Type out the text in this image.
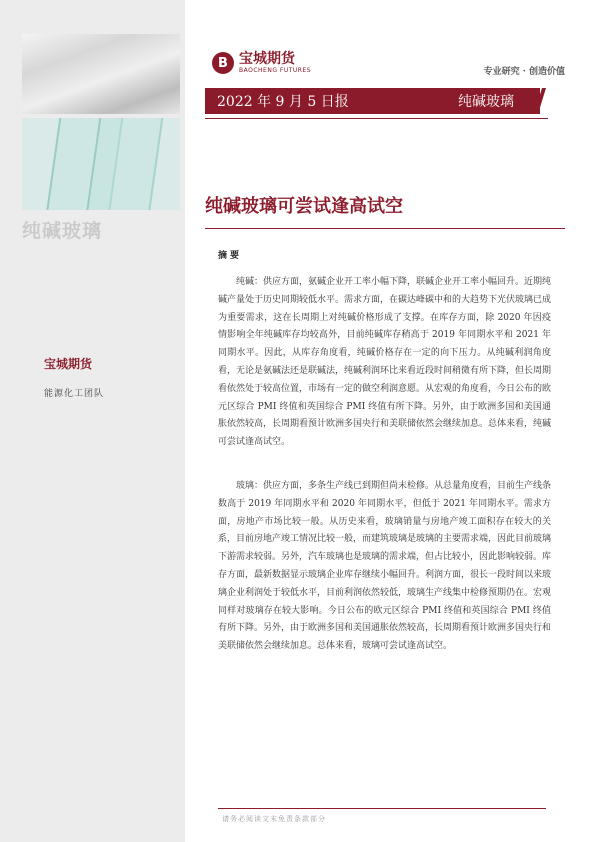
纯碱玻璃
宝城期货
能源化工团队
B 宝城期货
BAOCHENG FUTURES	专业研究 · 创造价值
2022 年 9 月 5 日报	纯碱玻璃
纯碱玻璃可尝试逢高试空
摘要
纯碱：供应方面，氨碱企业开工率小幅下降，联碱企业开工率小幅回升。近期纯碱产量处于历史同期较低水平。需求方面，在碳达峰碳中和的大趋势下光伏玻璃已成为重要需求，这在长周期上对纯碱价格形成了支撑。在库存方面，除 2020 年因疫情影响全年纯碱库存均较高外，目前纯碱库存稍高于 2019 年同期水平和 2021 年同期水平。因此，从库存角度看，纯碱价格存在一定的向下压力。从纯碱利润角度看，无论是氨碱法还是联碱法，纯碱利润环比来看近段时间稍微有所下降，但长周期看依然处于较高位置，市场有一定的做空利润意愿。从宏观的角度看，今日公布的欧元区综合 PMI 终值和英国综合 PMI 终值有所下降。另外，由于欧洲多国和美国通胀依然较高，长周期看预计欧洲多国央行和美联储依然会继续加息。总体来看，纯碱可尝试逢高试空。
玻璃：供应方面，多条生产线已到期但尚未检修。从总量角度看，目前生产线条数高于 2019 年同期水平和 2020 年同期水平，但低于 2021 年同期水平。需求方面，房地产市场比较一般。从历史来看，玻璃销量与房地产竣工面积存在较大的关系，目前房地产竣工情况比较一般，而建筑玻璃是玻璃的主要需求端，因此目前玻璃下游需求较弱。另外，汽车玻璃也是玻璃的需求端，但占比较小，因此影响较弱。库存方面，最新数据显示玻璃企业库存继续小幅回升。利润方面，很长一段时间以来玻璃企业利润处于较低水平，目前利润依然较低，玻璃生产线集中检修预期仍在。宏观同样对玻璃存在较大影响。今日公布的欧元区综合 PMI 终值和英国综合 PMI 终值有所下降。另外，由于欧洲多国和美国通胀依然较高，长周期看预计欧洲多国央行和美联储依然会继续加息。总体来看，玻璃可尝试逢高试空。
请务必阅读文末免责条款部分
